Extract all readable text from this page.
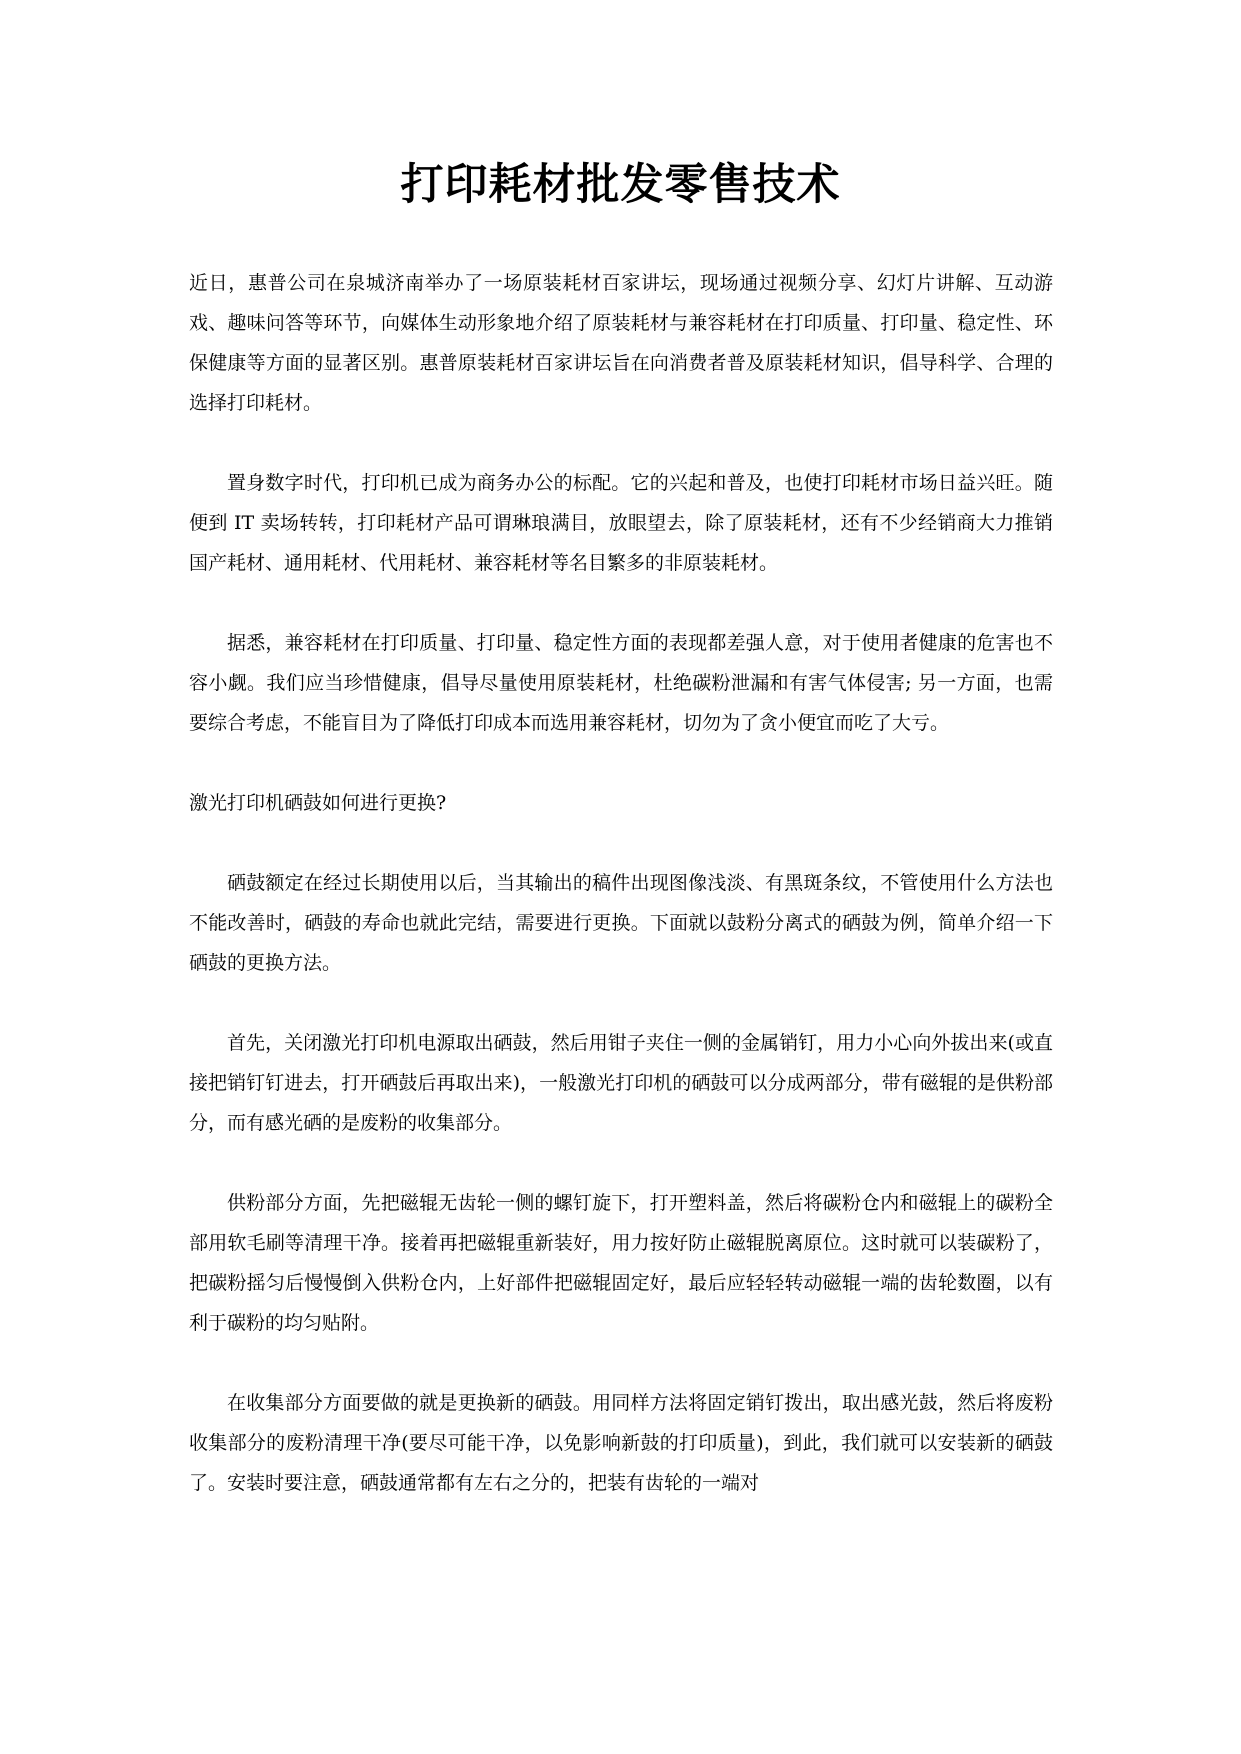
打印耗材批发零售技术

近日，惠普公司在泉城济南举办了一场原装耗材百家讲坛，现场通过视频分享、幻灯片讲解、互动游戏、趣味问答等环节，向媒体生动形象地介绍了原装耗材与兼容耗材在打印质量、打印量、稳定性、环保健康等方面的显著区别。惠普原装耗材百家讲坛旨在向消费者普及原装耗材知识，倡导科学、合理的选择打印耗材。

置身数字时代，打印机已成为商务办公的标配。它的兴起和普及，也使打印耗材市场日益兴旺。随便到 IT 卖场转转，打印耗材产品可谓琳琅满目，放眼望去，除了原装耗材，还有不少经销商大力推销国产耗材、通用耗材、代用耗材、兼容耗材等名目繁多的非原装耗材。

据悉，兼容耗材在打印质量、打印量、稳定性方面的表现都差强人意，对于使用者健康的危害也不容小觑。我们应当珍惜健康，倡导尽量使用原装耗材，杜绝碳粉泄漏和有害气体侵害; 另一方面，也需要综合考虑，不能盲目为了降低打印成本而选用兼容耗材，切勿为了贪小便宜而吃了大亏。

激光打印机硒鼓如何进行更换?

硒鼓额定在经过长期使用以后，当其输出的稿件出现图像浅淡、有黑斑条纹，不管使用什么方法也不能改善时，硒鼓的寿命也就此完结，需要进行更换。下面就以鼓粉分离式的硒鼓为例，简单介绍一下硒鼓的更换方法。

首先，关闭激光打印机电源取出硒鼓，然后用钳子夹住一侧的金属销钉，用力小心向外拔出来(或直接把销钉钉进去，打开硒鼓后再取出来)，一般激光打印机的硒鼓可以分成两部分，带有磁辊的是供粉部分，而有感光硒的是废粉的收集部分。

供粉部分方面，先把磁辊无齿轮一侧的螺钉旋下，打开塑料盖，然后将碳粉仓内和磁辊上的碳粉全部用软毛刷等清理干净。接着再把磁辊重新装好，用力按好防止磁辊脱离原位。这时就可以装碳粉了，把碳粉摇匀后慢慢倒入供粉仓内，上好部件把磁辊固定好，最后应轻轻转动磁辊一端的齿轮数圈，以有利于碳粉的均匀贴附。

在收集部分方面要做的就是更换新的硒鼓。用同样方法将固定销钉拨出，取出感光鼓，然后将废粉收集部分的废粉清理干净(要尽可能干净，以免影响新鼓的打印质量)，到此，我们就可以安装新的硒鼓了。安装时要注意，硒鼓通常都有左右之分的，把装有齿轮的一端对
